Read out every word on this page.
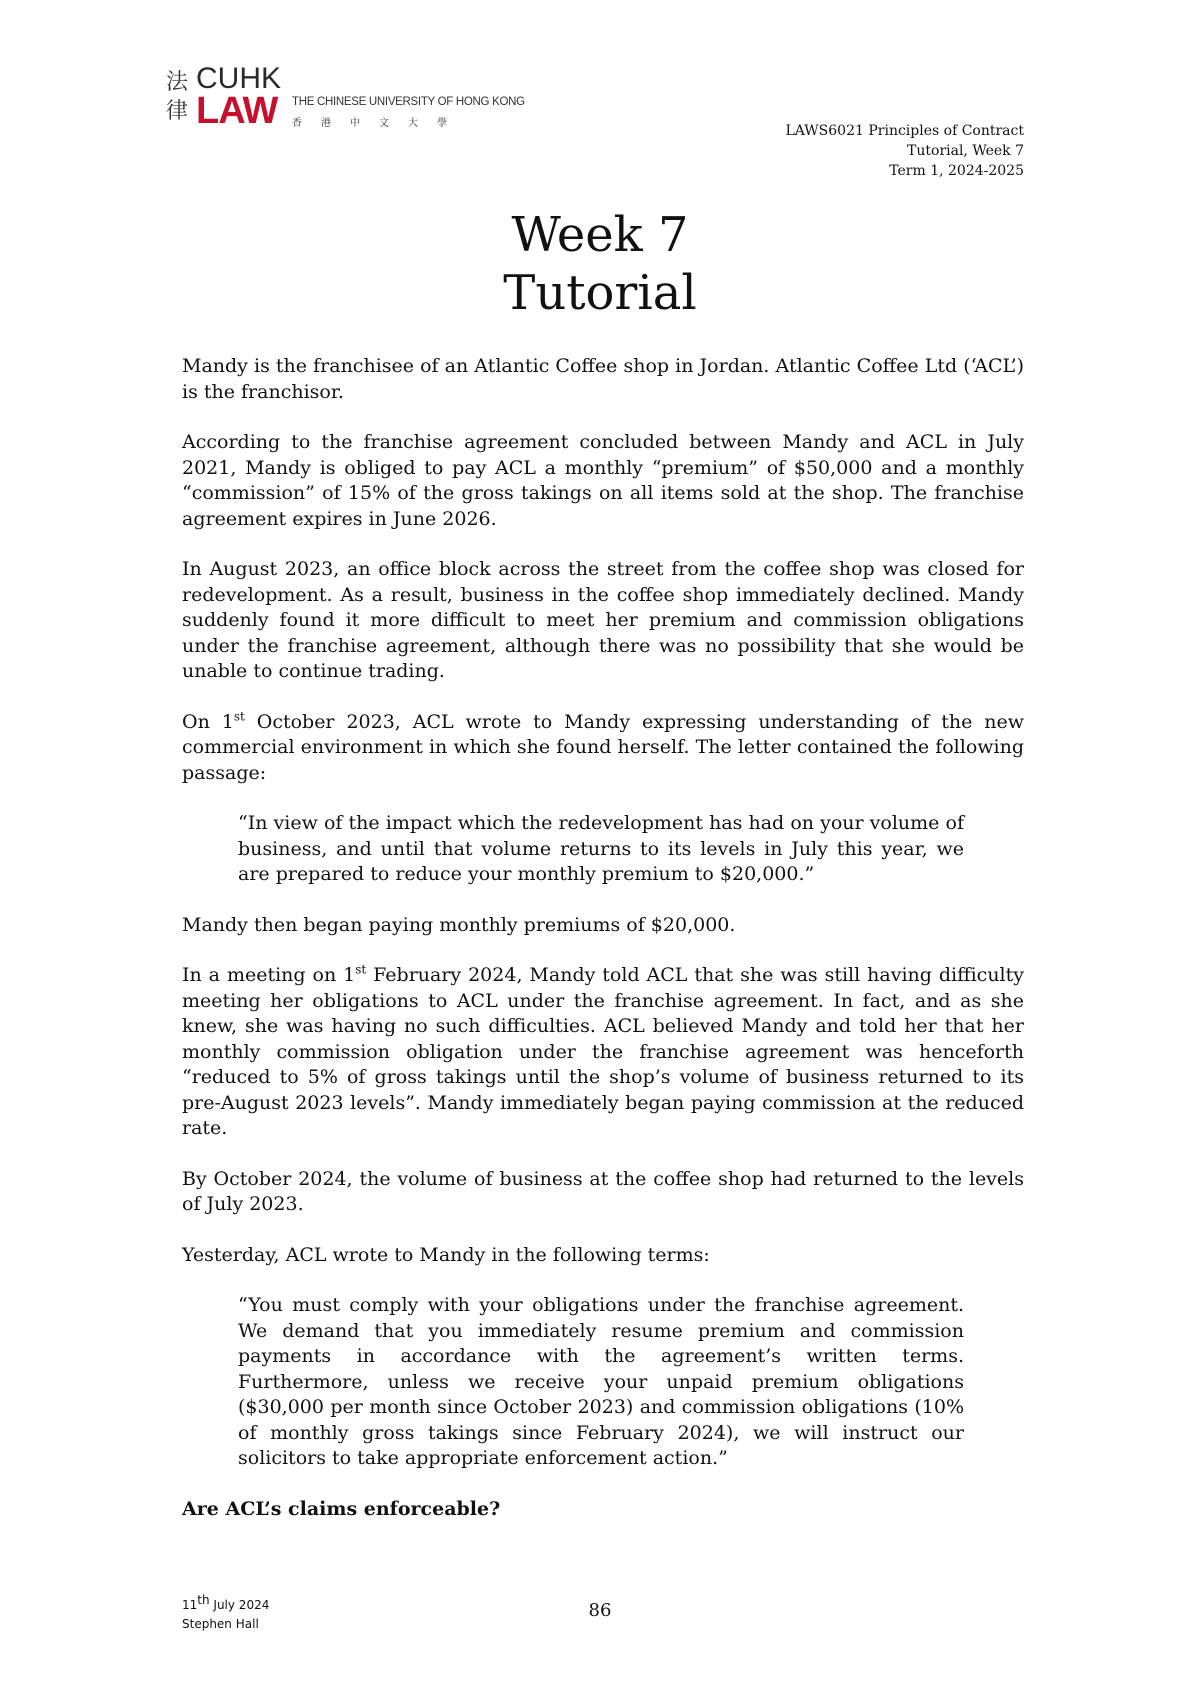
法律
CUHK
LAW THE CHINESE UNIVERSITY OF HONG KONG
香港中文大學	LAWS6021 Principles of Contract
Tutorial, Week 7
Term 1, 2024-2025
Week 7
Tutorial

Mandy is the franchisee of an Atlantic Coffee shop in Jordan. Atlantic Coffee Ltd (‘ACL’) is the franchisor.

According to the franchise agreement concluded between Mandy and ACL in July 2021, Mandy is obliged to pay ACL a monthly “premium” of $50,000 and a monthly “commission” of 15% of the gross takings on all items sold at the shop. The franchise agreement expires in June 2026.

In August 2023, an office block across the street from the coffee shop was closed for redevelopment. As a result, business in the coffee shop immediately declined. Mandy suddenly found it more difficult to meet her premium and commission obligations under the franchise agreement, although there was no possibility that she would be unable to continue trading.

On 1st October 2023, ACL wrote to Mandy expressing understanding of the new commercial environment in which she found herself. The letter contained the following passage:

“In view of the impact which the redevelopment has had on your volume of business, and until that volume returns to its levels in July this year, we are prepared to reduce your monthly premium to $20,000.”

Mandy then began paying monthly premiums of $20,000.

In a meeting on 1st February 2024, Mandy told ACL that she was still having difficulty meeting her obligations to ACL under the franchise agreement. In fact, and as she knew, she was having no such difficulties. ACL believed Mandy and told her that her monthly commission obligation under the franchise agreement was henceforth “reduced to 5% of gross takings until the shop’s volume of business returned to its pre-August 2023 levels”. Mandy immediately began paying commission at the reduced rate.

By October 2024, the volume of business at the coffee shop had returned to the levels of July 2023.

Yesterday, ACL wrote to Mandy in the following terms:

“You must comply with your obligations under the franchise agreement. We demand that you immediately resume premium and commission payments in accordance with the agreement’s written terms. Furthermore, unless we receive your unpaid premium obligations ($30,000 per month since October 2023) and commission obligations (10% of monthly gross takings since February 2024), we will instruct our solicitors to take appropriate enforcement action.”

Are ACL’s claims enforceable?

11th July 2024
Stephen Hall
86
